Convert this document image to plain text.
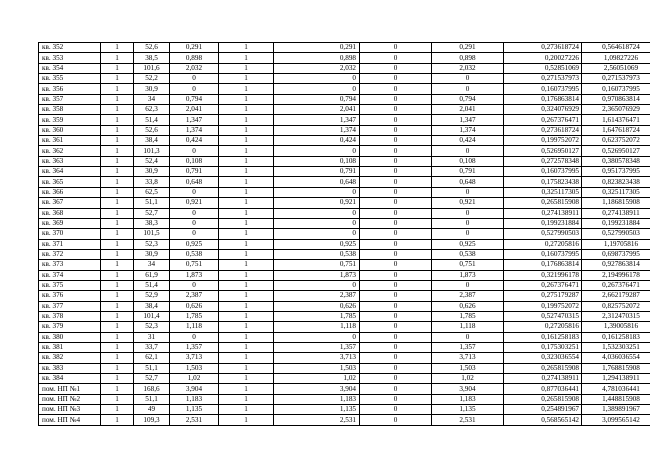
кв. 352	1	52,6	0,291	1	0,291	0	0,291	0,273618724	0,564618724
кв. 353	1	38,5	0,898	1	0,898	0	0,898	0,20027226	1,09827226
кв. 354	1	101,6	2,032	1	2,032	0	2,032	0,52851069	2,56051069
кв. 355	1	52,2	0	1	0	0	0	0,271537973	0,271537973
кв. 356	1	30,9	0	1	0	0	0	0,160737995	0,160737995
кв. 357	1	34	0,794	1	0,794	0	0,794	0,176863814	0,970863814
кв. 358	1	62,3	2,041	1	2,041	0	2,041	0,324076929	2,365076929
кв. 359	1	51,4	1,347	1	1,347	0	1,347	0,267376471	1,614376471
кв. 360	1	52,6	1,374	1	1,374	0	1,374	0,273618724	1,647618724
кв. 361	1	38,4	0,424	1	0,424	0	0,424	0,199752072	0,623752072
кв. 362	1	101,3	0	1	0	0	0	0,526950127	0,526950127
кв. 363	1	52,4	0,108	1	0,108	0	0,108	0,272578348	0,380578348
кв. 364	1	30,9	0,791	1	0,791	0	0,791	0,160737995	0,951737995
кв. 365	1	33,8	0,648	1	0,648	0	0,648	0,175823438	0,823823438
кв. 366	1	62,5	0	1	0	0	0	0,325117305	0,325117305
кв. 367	1	51,1	0,921	1	0,921	0	0,921	0,265815908	1,186815908
кв. 368	1	52,7	0	1	0	0	0	0,274138911	0,274138911
кв. 369	1	38,3	0	1	0	0	0	0,199231884	0,199231884
кв. 370	1	101,5	0	1	0	0	0	0,527990503	0,527990503
кв. 371	1	52,3	0,925	1	0,925	0	0,925	0,27205816	1,19705816
кв. 372	1	30,9	0,538	1	0,538	0	0,538	0,160737995	0,698737995
кв. 373	1	34	0,751	1	0,751	0	0,751	0,176863814	0,927863814
кв. 374	1	61,9	1,873	1	1,873	0	1,873	0,321996178	2,194996178
кв. 375	1	51,4	0	1	0	0	0	0,267376471	0,267376471
кв. 376	1	52,9	2,387	1	2,387	0	2,387	0,275179287	2,662179287
кв. 377	1	38,4	0,626	1	0,626	0	0,626	0,199752072	0,825752072
кв. 378	1	101,4	1,785	1	1,785	0	1,785	0,527470315	2,312470315
кв. 379	1	52,3	1,118	1	1,118	0	1,118	0,27205816	1,39005816
кв. 380	1	31	0	1	0	0	0	0,161258183	0,161258183
кв. 381	1	33,7	1,357	1	1,357	0	1,357	0,175303251	1,532303251
кв. 382	1	62,1	3,713	1	3,713	0	3,713	0,323036554	4,036036554
кв. 383	1	51,1	1,503	1	1,503	0	1,503	0,265815908	1,768815908
кв. 384	1	52,7	1,02	1	1,02	0	1,02	0,274138911	1,294138911
пом. НП №1	1	168,6	3,904	1	3,904	0	3,904	0,877036441	4,781036441
пом. НП №2	1	51,1	1,183	1	1,183	0	1,183	0,265815908	1,448815908
пом. НП №3	1	49	1,135	1	1,135	0	1,135	0,254891967	1,389891967
пом. НП №4	1	109,3	2,531	1	2,531	0	2,531	0,568565142	3,099565142
